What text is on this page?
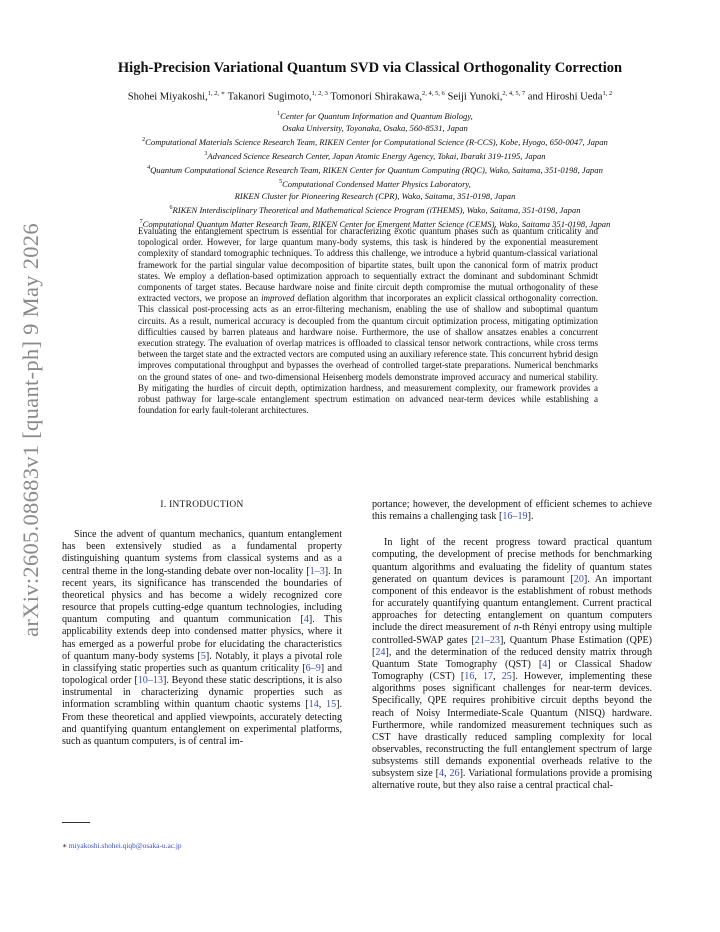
arXiv:2605.08683v1 [quant-ph] 9 May 2026
High-Precision Variational Quantum SVD via Classical Orthogonality Correction
Shohei Miyakoshi,$^{1, 2, ∗}$ Takanori Sugimoto,$^{1, 2, 3}$ Tomonori Shirakawa,$^{2, 4, 5, 6}$ Seiji Yunoki,$^{2, 4, 5, 7}$ and Hiroshi Ueda$^{1, 2}$
$^1$Center for Quantum Information and Quantum Biology,
Osaka University, Toyonaka, Osaka, 560-8531, Japan
$^2$Computational Materials Science Research Team, RIKEN Center for Computational Science (R-CCS), Kobe, Hyogo, 650-0047, Japan
$^3$Advanced Science Research Center, Japan Atomic Energy Agency, Tokai, Ibaraki 319-1195, Japan
$^4$Quantum Computational Science Research Team, RIKEN Center for Quantum Computing (RQC), Wako, Saitama, 351-0198, Japan
$^5$Computational Condensed Matter Physics Laboratory,
RIKEN Cluster for Pioneering Research (CPR), Wako, Saitama, 351-0198, Japan
$^6$RIKEN Interdisciplinary Theoretical and Mathematical Science Program (iTHEMS), Wako, Saitama, 351-0198, Japan
$^7$Computational Quantum Matter Research Team, RIKEN Center for Emergent Matter Science (CEMS), Wako, Saitama 351-0198, Japan
Evaluating the entanglement spectrum is essential for characterizing exotic quantum phases such as quantum criticality and topological order. However, for large quantum many-body systems, this task is hindered by the exponential measurement complexity of standard tomographic techniques. To address this challenge, we introduce a hybrid quantum-classical variational framework for the partial singular value decomposition of bipartite states, built upon the canonical form of matrix product states. We employ a deflation-based optimization approach to sequentially extract the dominant and subdominant Schmidt components of target states. Because hardware noise and finite circuit depth compromise the mutual orthogonality of these extracted vectors, we propose an improved deflation algorithm that incorporates an explicit classical orthogonality correction. This classical post-processing acts as an error-filtering mechanism, enabling the use of shallow and suboptimal quantum circuits. As a result, numerical accuracy is decoupled from the quantum circuit optimization process, mitigating optimization difficulties caused by barren plateaus and hardware noise. Furthermore, the use of shallow ansatzes enables a concurrent execution strategy. The evaluation of overlap matrices is offloaded to classical tensor network contractions, while cross terms between the target state and the extracted vectors are computed using an auxiliary reference state. This concurrent hybrid design improves computational throughput and bypasses the overhead of controlled target-state preparations. Numerical benchmarks on the ground states of one- and two-dimensional Heisenberg models demonstrate improved accuracy and numerical stability. By mitigating the hurdles of circuit depth, optimization hardness, and measurement complexity, our framework provides a robust pathway for large-scale entanglement spectrum estimation on advanced near-term devices while establishing a foundation for early fault-tolerant architectures.
I. INTRODUCTION

Since the advent of quantum mechanics, quantum entanglement has been extensively studied as a fundamental property distinguishing quantum systems from classical systems and as a central theme in the long-standing debate over non-locality [1–3]. In recent years, its significance has transcended the boundaries of theoretical physics and has become a widely recognized core resource that propels cutting-edge quantum technologies, including quantum computing and quantum communication [4]. This applicability extends deep into condensed matter physics, where it has emerged as a powerful probe for elucidating the characteristics of quantum many-body systems [5]. Notably, it plays a pivotal role in classifying static properties such as quantum criticality [6–9] and topological order [10–13]. Beyond these static descriptions, it is also instrumental in characterizing dynamic properties such as information scrambling within quantum chaotic systems [14, 15]. From these theoretical and applied viewpoints, accurately detecting and quantifying quantum entanglement on experimental platforms, such as quantum computers, is of central im-

portance; however, the development of efficient schemes to achieve this remains a challenging task [16–19].

In light of the recent progress toward practical quantum computing, the development of precise methods for benchmarking quantum algorithms and evaluating the fidelity of quantum states generated on quantum devices is paramount [20]. An important component of this endeavor is the establishment of robust methods for accurately quantifying quantum entanglement. Current practical approaches for detecting entanglement on quantum computers include the direct measurement of n-th Rényi entropy using multiple controlled-SWAP gates [21–23], Quantum Phase Estimation (QPE) [24], and the determination of the reduced density matrix through Quantum State Tomography (QST) [4] or Classical Shadow Tomography (CST) [16, 17, 25]. However, implementing these algorithms poses significant challenges for near-term devices. Specifically, QPE requires prohibitive circuit depths beyond the reach of Noisy Intermediate-Scale Quantum (NISQ) hardware. Furthermore, while randomized measurement techniques such as CST have drastically reduced sampling complexity for local observables, reconstructing the full entanglement spectrum of large subsystems still demands exponential overheads relative to the subsystem size [4, 26]. Variational formulations provide a promising alternative route, but they also raise a central practical chal-

∗ miyakoshi.shohei.qiqb@osaka-u.ac.jp
